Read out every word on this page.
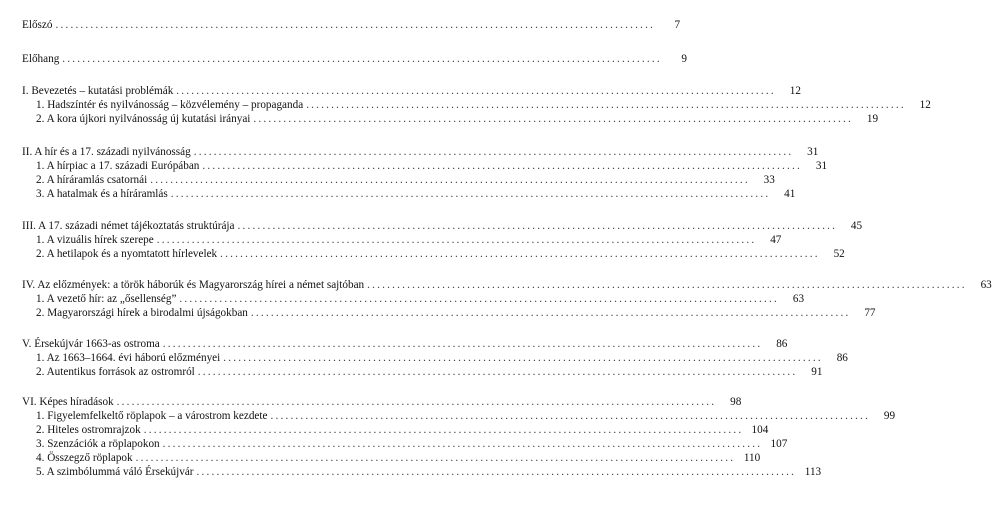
Előszó ........................................................................................................................	7
Előhang ........................................................................................................................	9
I. Bevezetés – kutatási problémák ........................................................................................................................	12
1. Hadszíntér és nyilvánosság – közvélemény – propaganda ........................................................................................................................	12
2. A kora újkori nyilvánosság új kutatási irányai ........................................................................................................................	19
II. A hír és a 17. századi nyilvánosság ........................................................................................................................	31
1. A hírpiac a 17. századi Európában ........................................................................................................................	31
2. A híráramlás csatornái ........................................................................................................................	33
3. A hatalmak és a híráramlás ........................................................................................................................	41
III. A 17. századi német tájékoztatás struktúrája ........................................................................................................................	45
1. A vizuális hírek szerepe ........................................................................................................................	47
2. A hetilapok és a nyomtatott hírlevelek ........................................................................................................................	52
IV. Az előzmények: a török háborúk és Magyarország hírei a német sajtóban ........................................................................................................................	63
1. A vezető hír: az „ősellenség” ........................................................................................................................	63
2. Magyarországi hírek a birodalmi újságokban ........................................................................................................................	77
V. Érsekújvár 1663-as ostroma ........................................................................................................................	86
1. Az 1663–1664. évi háború előzményei ........................................................................................................................	86
2. Autentikus források az ostromról ........................................................................................................................	91
VI. Képes híradások ........................................................................................................................	98
1. Figyelemfelkeltő röplapok – a várostrom kezdete ........................................................................................................................	99
2. Hiteles ostromrajzok ........................................................................................................................ 104
3. Szenzációk a röplapokon ........................................................................................................................ 107
4. Összegző röplapok ........................................................................................................................ 110
5. A szimbólummá váló Érsekújvár ........................................................................................................................ 113
